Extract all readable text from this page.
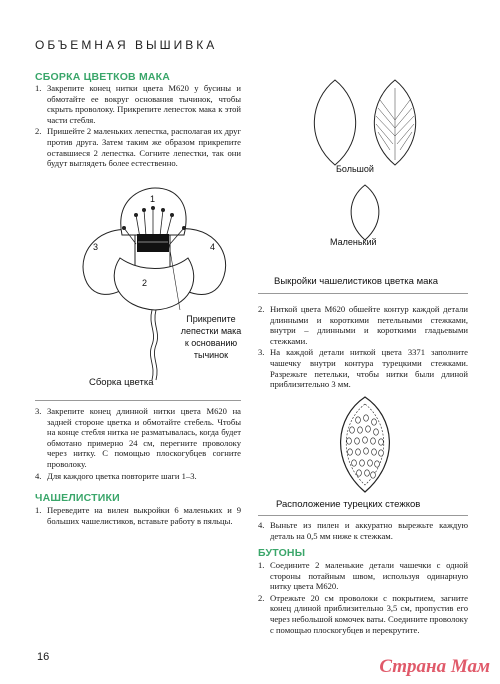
ОБЪЕМНАЯ ВЫШИВКА
СБОРКА ЦВЕТКОВ МАКА
1. Закрепите конец нитки цвета М620 у бусины и обмотайте ее вокруг основания тычинок, чтобы скрыть проволоку. Прикрепите лепесток мака к этой части стебля.
2. Пришейте 2 маленьких лепестка, располагая их друг против друга. Затем таким же образом прикрепите оставшиеся 2 лепестка. Согните лепестки, так они будут выглядеть более естественно.
1
2
3	4
Прикрепите
лепестки мака
к основанию
тычинок
Сборка цветка
3. Закрепите конец длинной нитки цвета М620 на задней стороне цветка и обмотайте стебель. Чтобы на конце стебля нитка не разматывалась, когда будет обмотано примерно 24 см, перегните проволоку через нитку. С помощью плоскогубцев согните проволоку.
4. Для каждого цветка повторите шаги 1–3.
ЧАШЕЛИСТИКИ
1. Переведите на вилен выкройки 6 маленьких и 9 больших чашелистиков, вставьте работу в пяльцы.
Большой
Маленький
Выкройки чашелистиков цветка мака
2. Ниткой цвета М620 обшейте контур каждой детали длинными и короткими петельными стежками, внутри – длинными и короткими гладьевыми стежками.
3. На каждой детали ниткой цвета 3371 заполните чашечку внутри контура турецкими стежками. Разрежьте петельки, чтобы нитки были длиной приблизительно 3 мм.
Расположение турецких стежков
4. Выньте из пилен и аккуратно вырежьте каждую деталь на 0,5 мм ниже к стежкам.
БУТОНЫ
1. Соедините 2 маленькие детали чашечки с одной стороны потайным швом, используя одинарную нитку цвета М620.
2. Отрежьте 20 см проволоки с покрытием, загните конец длиной приблизительно 3,5 см, пропустив его через небольшой комочек ваты. Соедините проволоку с помощью плоскогубцев и перекрутите.
16	Страна Мам
